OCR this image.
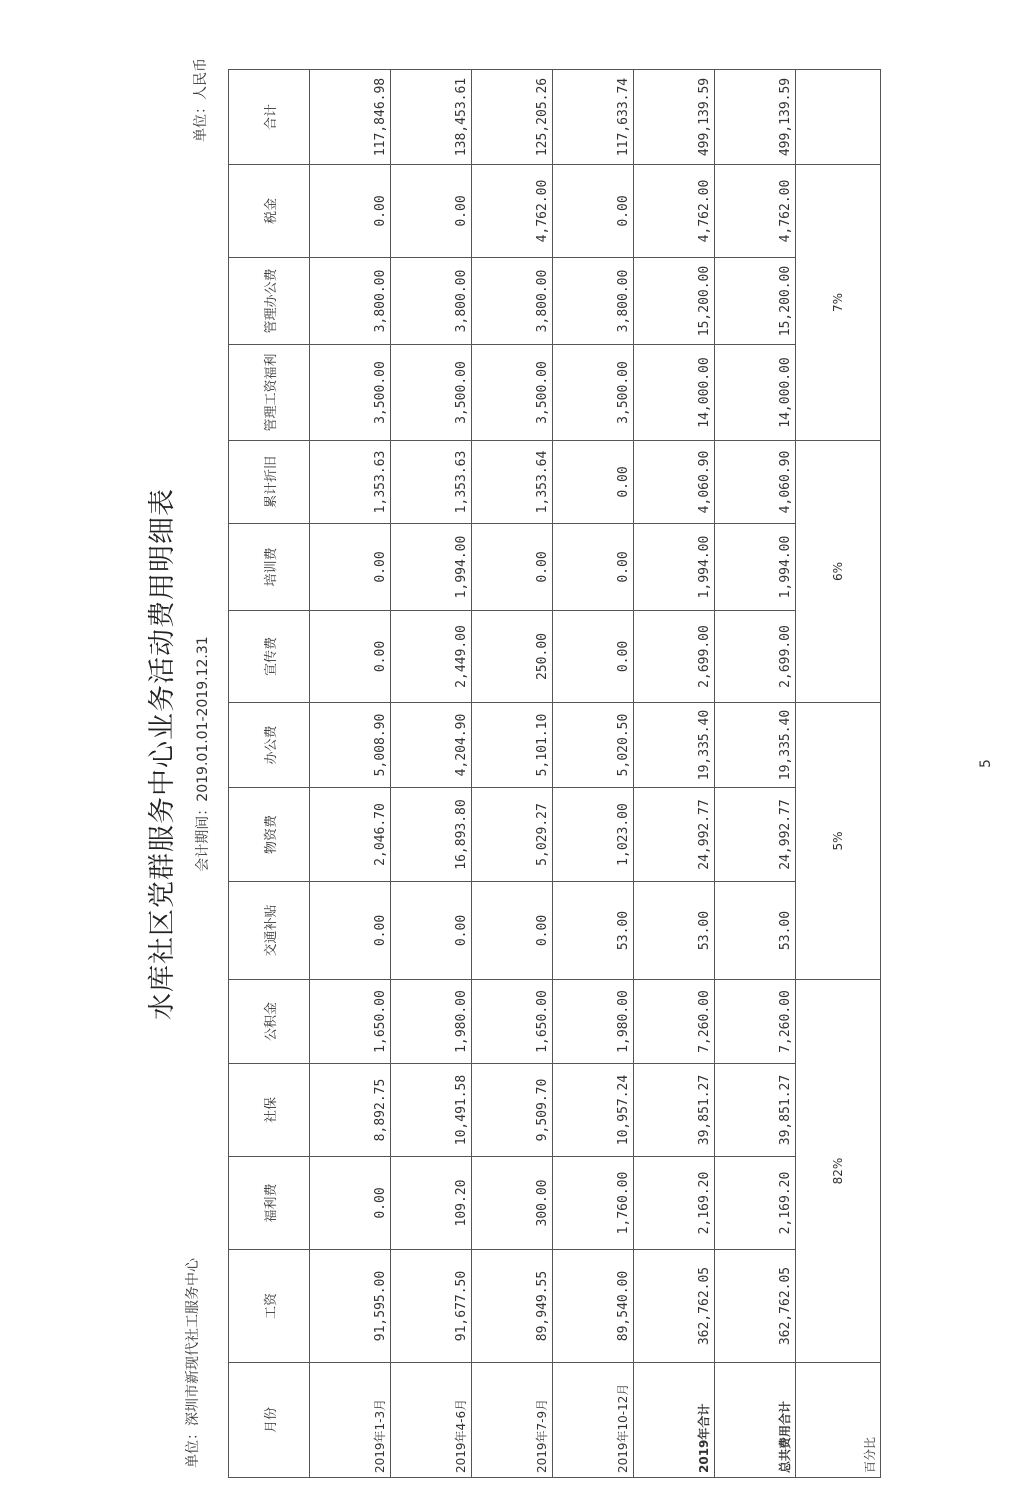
水库社区党群服务中心业务活动费用明细表 会计期间：2019.01.01-2019.12.31
单位：深圳市新现代社工服务中心
单位：人民币
月份	工资	福利费	社保	公积金	交通补贴	物资费	办公费	宣传费	培训费	累计折旧	管理工资福利	管理办公费	税金	合计
2019年1-3月	91,595.00	0.00	8,892.75	1,650.00	0.00	2,046.70	5,008.90	0.00	0.00	1,353.63	3,500.00	3,800.00	0.00	117,846.98
2019年4-6月	91,677.50	109.20	10,491.58	1,980.00	0.00	16,893.80	4,204.90	2,449.00	1,994.00	1,353.63	3,500.00	3,800.00	0.00	138,453.61
2019年7-9月	89,949.55	300.00	9,509.70	1,650.00	0.00	5,029.27	5,101.10	250.00	0.00	1,353.64	3,500.00	3,800.00	4,762.00	125,205.26
2019年10-12月	89,540.00	1,760.00	10,957.24	1,980.00	53.00	1,023.00	5,020.50	0.00	0.00	0.00	3,500.00	3,800.00	0.00	117,633.74
2019年合计	362,762.05	2,169.20	39,851.27	7,260.00	53.00	24,992.77	19,335.40	2,699.00	1,994.00	4,060.90	14,000.00	15,200.00	4,762.00	499,139.59
总共费用合计	362,762.05	2,169.20	39,851.27	7,260.00	53.00	24,992.77	19,335.40	2,699.00	1,994.00	4,060.90	14,000.00	15,200.00	4,762.00	499,139.59
百分比	82%				5%			6%			7%			
5
